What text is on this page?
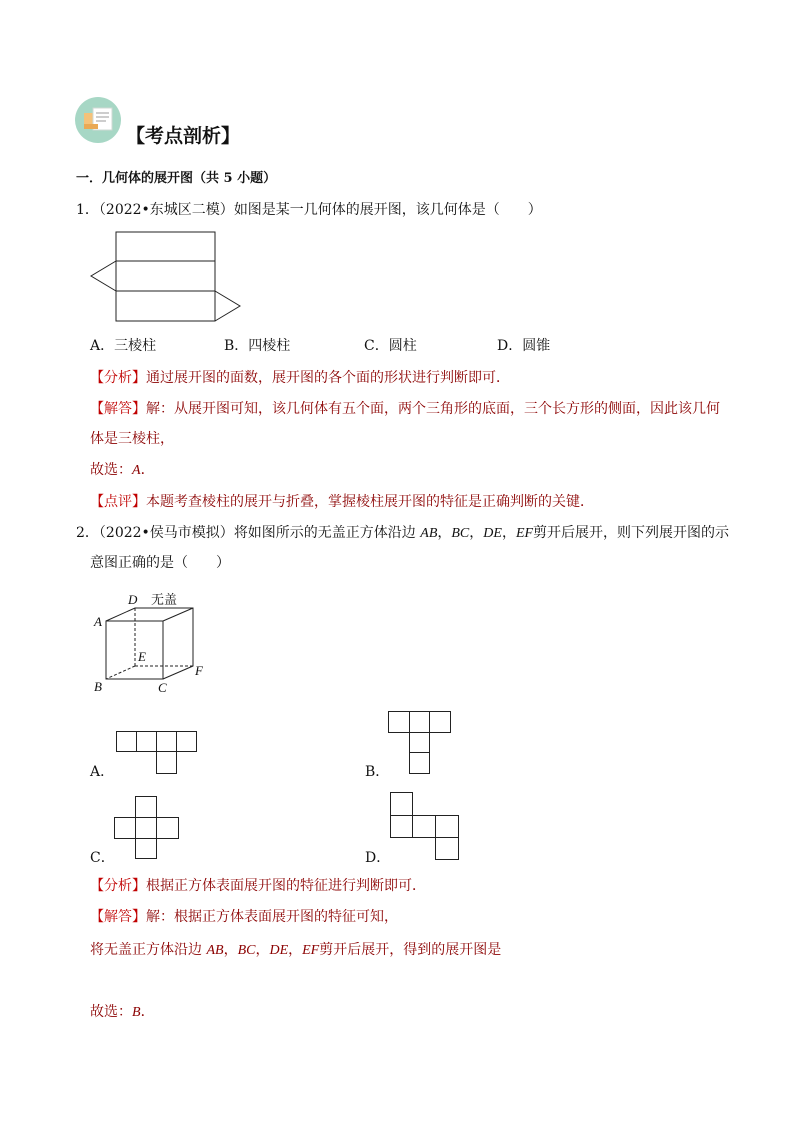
【考点剖析】
一．几何体的展开图（共 5 小题）
1．（2022•东城区二模）如图是某一几何体的展开图，该几何体是（　　）
A．三棱柱	B．四棱柱	C．圆柱	D．圆锥
【分析】通过展开图的面数，展开图的各个面的形状进行判断即可．
【解答】解：从展开图可知，该几何体有五个面，两个三角形的底面，三个长方形的侧面，因此该几何
体是三棱柱，
故选：A．
【点评】本题考查棱柱的展开与折叠，掌握棱柱展开图的特征是正确判断的关键．
2．（2022•侯马市模拟）将如图所示的无盖正方体沿边 AB，BC，DE，EF剪开后展开，则下列展开图的示
意图正确的是（　　）
无盖
D
A
E
F
B	C
A．	B．
C．	D．
【分析】根据正方体表面展开图的特征进行判断即可．
【解答】解：根据正方体表面展开图的特征可知，
将无盖正方体沿边 AB，BC，DE，EF剪开后展开，得到的展开图是
故选：B．
